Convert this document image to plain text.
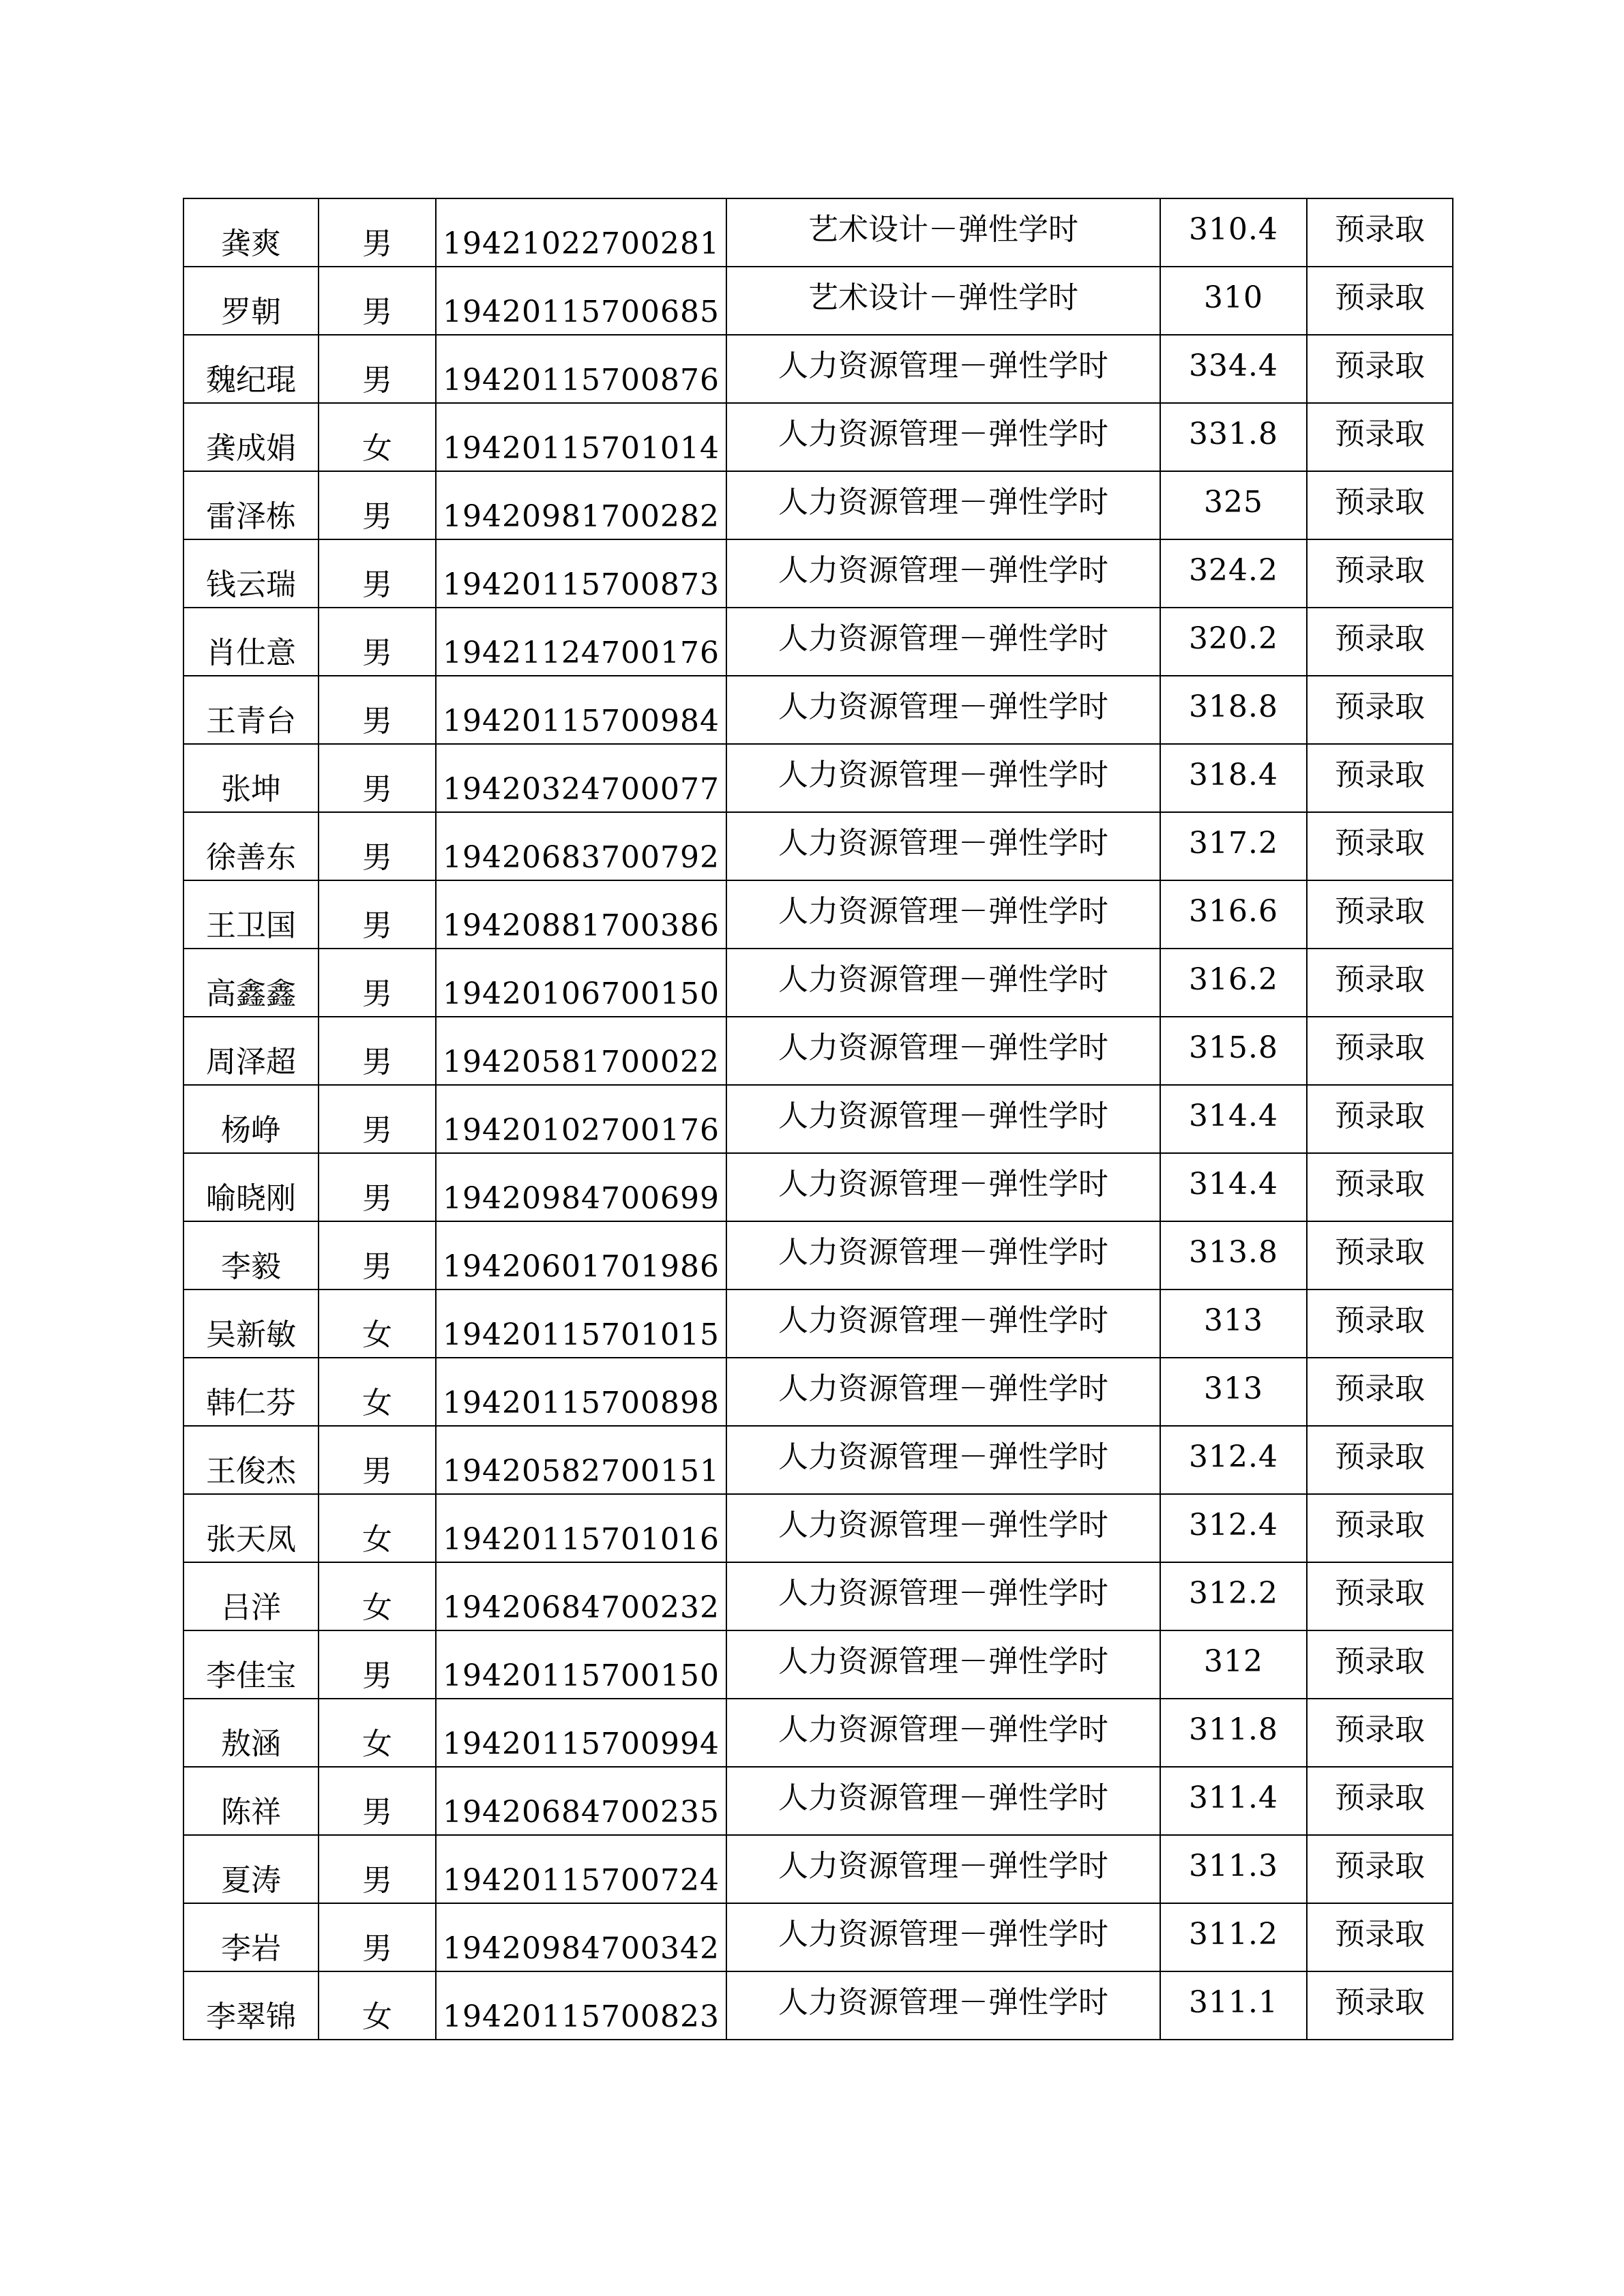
龚爽	男	19421022700281	艺术设计－弹性学时	310.4	预录取
罗朝	男	19420115700685	艺术设计－弹性学时	310	预录取
魏纪琨	男	19420115700876	人力资源管理－弹性学时	334.4	预录取
龚成娟	女	19420115701014	人力资源管理－弹性学时	331.8	预录取
雷泽栋	男	19420981700282	人力资源管理－弹性学时	325	预录取
钱云瑞	男	19420115700873	人力资源管理－弹性学时	324.2	预录取
肖仕意	男	19421124700176	人力资源管理－弹性学时	320.2	预录取
王青台	男	19420115700984	人力资源管理－弹性学时	318.8	预录取
张坤	男	19420324700077	人力资源管理－弹性学时	318.4	预录取
徐善东	男	19420683700792	人力资源管理－弹性学时	317.2	预录取
王卫国	男	19420881700386	人力资源管理－弹性学时	316.6	预录取
高鑫鑫	男	19420106700150	人力资源管理－弹性学时	316.2	预录取
周泽超	男	19420581700022	人力资源管理－弹性学时	315.8	预录取
杨峥	男	19420102700176	人力资源管理－弹性学时	314.4	预录取
喻晓刚	男	19420984700699	人力资源管理－弹性学时	314.4	预录取
李毅	男	19420601701986	人力资源管理－弹性学时	313.8	预录取
吴新敏	女	19420115701015	人力资源管理－弹性学时	313	预录取
韩仁芬	女	19420115700898	人力资源管理－弹性学时	313	预录取
王俊杰	男	19420582700151	人力资源管理－弹性学时	312.4	预录取
张天凤	女	19420115701016	人力资源管理－弹性学时	312.4	预录取
吕洋	女	19420684700232	人力资源管理－弹性学时	312.2	预录取
李佳宝	男	19420115700150	人力资源管理－弹性学时	312	预录取
敖涵	女	19420115700994	人力资源管理－弹性学时	311.8	预录取
陈祥	男	19420684700235	人力资源管理－弹性学时	311.4	预录取
夏涛	男	19420115700724	人力资源管理－弹性学时	311.3	预录取
李岩	男	19420984700342	人力资源管理－弹性学时	311.2	预录取
李翠锦	女	19420115700823	人力资源管理－弹性学时	311.1	预录取
